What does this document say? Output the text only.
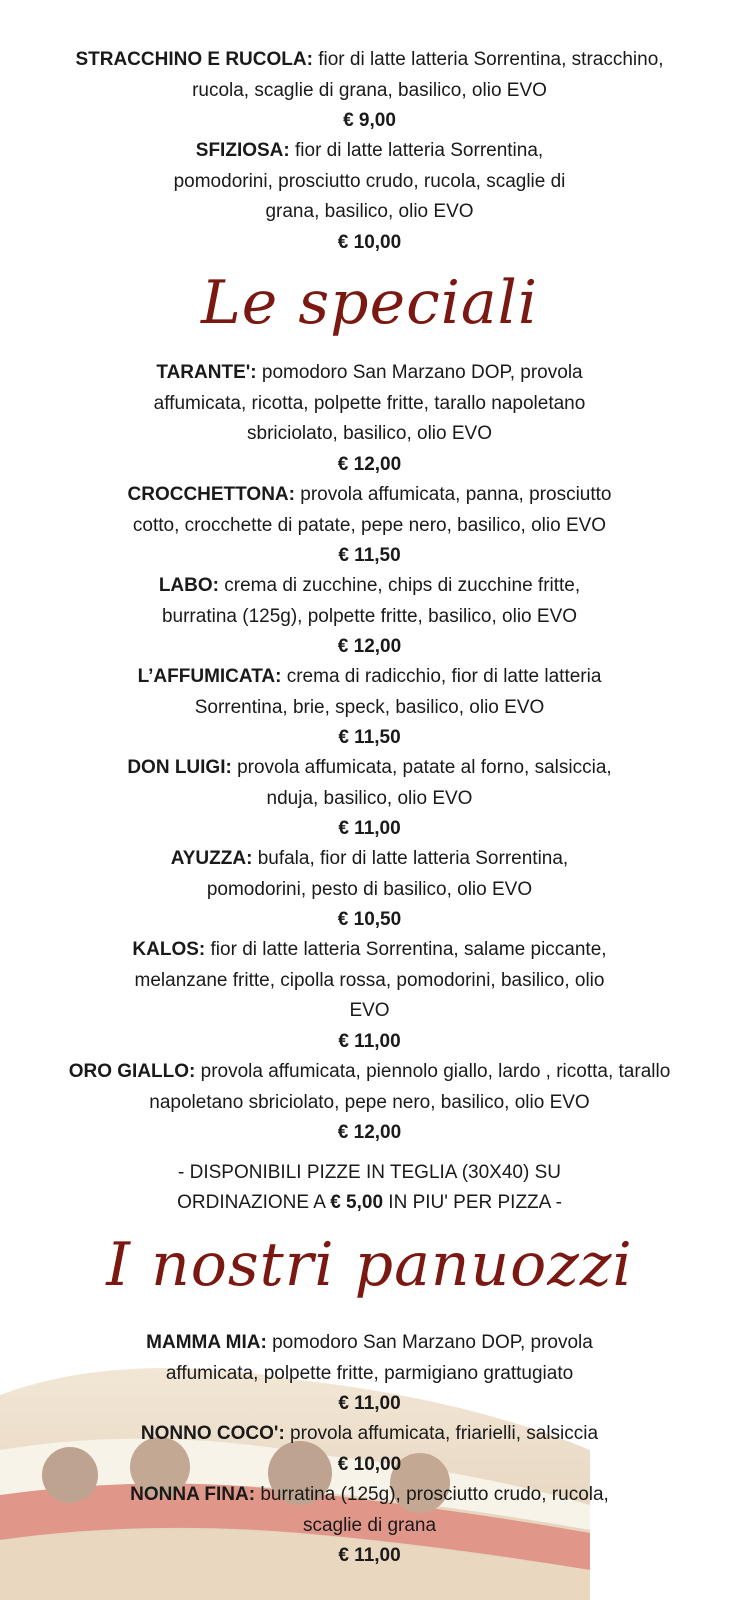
STRACCHINO E RUCOLA: fior di latte latteria Sorrentina, stracchino, rucola, scaglie di grana, basilico, olio EVO
€ 9,00
SFIZIOSA: fior di latte latteria Sorrentina, pomodorini, prosciutto crudo, rucola, scaglie di grana, basilico, olio EVO
€ 10,00
Le speciali
TARANTE': pomodoro San Marzano DOP, provola affumicata, ricotta, polpette fritte, tarallo napoletano sbriciolato, basilico, olio EVO
€ 12,00
CROCCHETTONA: provola affumicata, panna, prosciutto cotto, crocchette di patate, pepe nero, basilico, olio EVO
€ 11,50
LABO: crema di zucchine, chips di zucchine fritte, burratina (125g), polpette fritte, basilico, olio EVO
€ 12,00
L’AFFUMICATA: crema di radicchio, fior di latte latteria Sorrentina, brie, speck, basilico, olio EVO
€ 11,50
DON LUIGI: provola affumicata, patate al forno, salsiccia, nduja, basilico, olio EVO
€ 11,00
AYUZZA: bufala, fior di latte latteria Sorrentina, pomodorini, pesto di basilico, olio EVO
€ 10,50
KALOS: fior di latte latteria Sorrentina, salame piccante, melanzane fritte, cipolla rossa, pomodorini, basilico, olio EVO
€ 11,00
ORO GIALLO: provola affumicata, piennolo giallo, lardo , ricotta, tarallo napoletano sbriciolato, pepe nero, basilico, olio EVO
€ 12,00
- DISPONIBILI PIZZE IN TEGLIA (30X40) SU ORDINAZIONE A € 5,00 IN PIU' PER PIZZA -
I nostri panuozzi
MAMMA MIA: pomodoro San Marzano DOP, provola affumicata, polpette fritte, parmigiano grattugiato
€ 11,00
NONNO COCO': provola affumicata, friarielli, salsiccia
€ 10,00
NONNA FINA: burratina (125g), prosciutto crudo, rucola, scaglie di grana
€ 11,00
